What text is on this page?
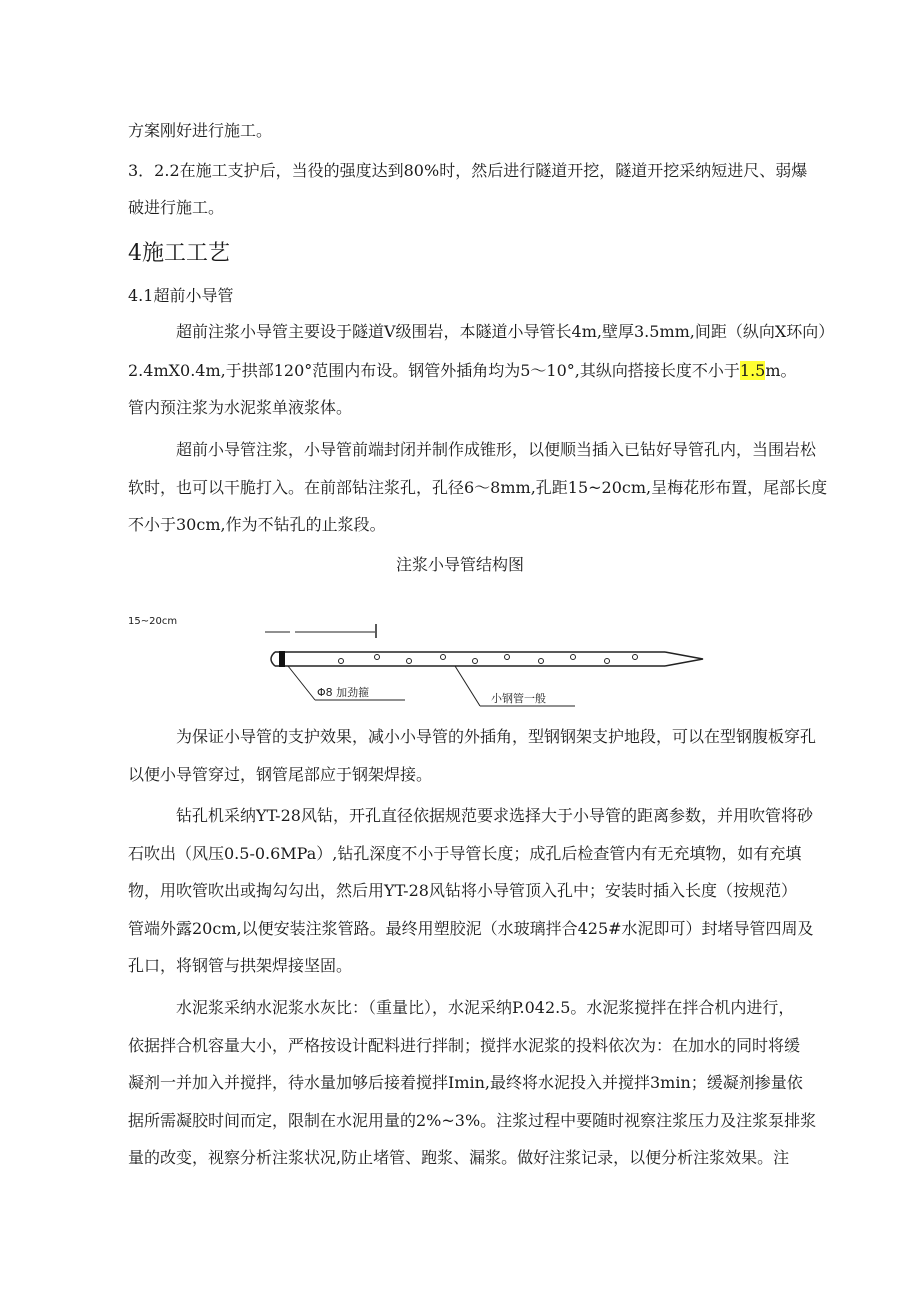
方案刚好进行施工。
3．2.2在施工支护后，当役的强度达到80%时，然后进行隧道开挖，隧道开挖采纳短进尺、弱爆
破进行施工。
4施工工艺
4.1超前小导管
超前注浆小导管主要设于隧道V级围岩，本隧道小导管长4m,壁厚3.5mm,间距（纵向X环向）
2.4mX0.4m,于拱部120°范围内布设。钢管外插角均为5～10°,其纵向搭接长度不小于1.5m。
管内预注浆为水泥浆单液浆体。
超前小导管注浆，小导管前端封闭并制作成锥形，以便顺当插入已钻好导管孔内，当围岩松
软时，也可以干脆打入。在前部钻注浆孔，孔径6～8mm,孔距15~20cm,呈梅花形布置，尾部长度
不小于30cm,作为不钻孔的止浆段。
注浆小导管结构图
15~20cm
Φ8 加劲箍	小钢管一般
为保证小导管的支护效果，减小小导管的外插角，型钢钢架支护地段，可以在型钢腹板穿孔
以便小导管穿过，钢管尾部应于钢架焊接。
钻孔机采纳YT-28风钻，开孔直径依据规范要求选择大于小导管的距离参数，并用吹管将砂
石吹出（风压0.5-0.6MPa）,钻孔深度不小于导管长度；成孔后检查管内有无充填物，如有充填
物，用吹管吹出或掏勾勾出，然后用YT-28风钻将小导管顶入孔中；安装时插入长度（按规范）
管端外露20cm,以便安装注浆管路。最终用塑胶泥（水玻璃拌合425#水泥即可）封堵导管四周及
孔口，将钢管与拱架焊接坚固。
水泥浆采纳水泥浆水灰比：（重量比），水泥采纳P.042.5。水泥浆搅拌在拌合机内进行，
依据拌合机容量大小，严格按设计配料进行拌制；搅拌水泥浆的投料依次为：在加水的同时将缓
凝剂一并加入并搅拌，待水量加够后接着搅拌Imin,最终将水泥投入并搅拌3min；缓凝剂掺量依
据所需凝胶时间而定，限制在水泥用量的2%~3%。注浆过程中要随时视察注浆压力及注浆泵排浆
量的改变，视察分析注浆状况,防止堵管、跑浆、漏浆。做好注浆记录，以便分析注浆效果。注
